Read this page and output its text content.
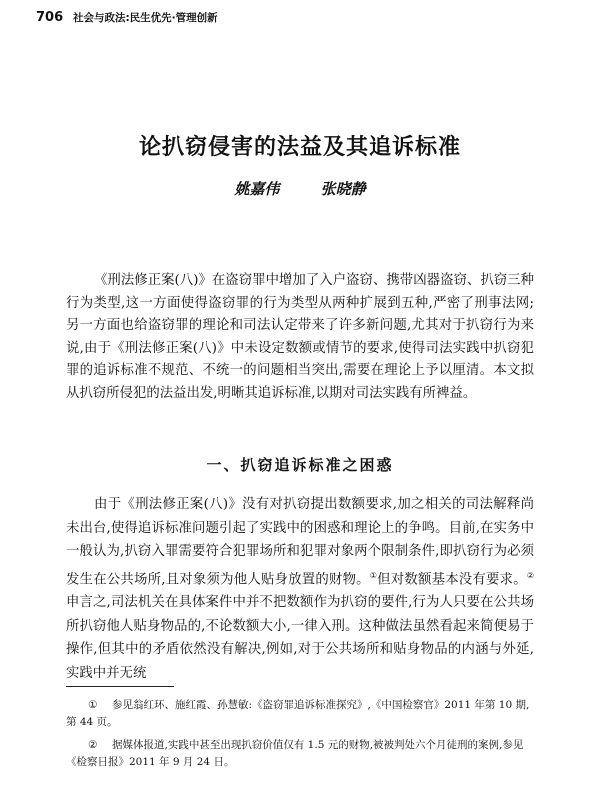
706 社会与政法:民生优先·管理创新
论扒窃侵害的法益及其追诉标准
姚嘉伟	张晓静
《刑法修正案(八)》在盗窃罪中增加了入户盗窃、携带凶器盗窃、扒窃三种行为类型,这一方面使得盗窃罪的行为类型从两种扩展到五种,严密了刑事法网;另一方面也给盗窃罪的理论和司法认定带来了许多新问题,尤其对于扒窃行为来说,由于《刑法修正案(八)》中未设定数额或情节的要求,使得司法实践中扒窃犯罪的追诉标准不规范、不统一的问题相当突出,需要在理论上予以厘清。本文拟从扒窃所侵犯的法益出发,明晰其追诉标准,以期对司法实践有所裨益。
一、扒窃追诉标准之困惑
由于《刑法修正案(八)》没有对扒窃提出数额要求,加之相关的司法解释尚未出台,使得追诉标准问题引起了实践中的困惑和理论上的争鸣。目前,在实务中一般认为,扒窃入罪需要符合犯罪场所和犯罪对象两个限制条件,即扒窃行为必须发生在公共场所,且对象须为他人贴身放置的财物。①但对数额基本没有要求。② 申言之,司法机关在具体案件中并不把数额作为扒窃的要件,行为人只要在公共场所扒窃他人贴身物品的,不论数额大小,一律入刑。这种做法虽然看起来简便易于操作,但其中的矛盾依然没有解决,例如,对于公共场所和贴身物品的内涵与外延,实践中并无统
① 参见翁红环、施红霞、孙慧敏:《盗窃罪追诉标准探究》,《中国检察官》2011 年第 10 期,第 44 页。
② 据媒体报道,实践中甚至出现扒窃价值仅有 1.5 元的财物,被被判处六个月徒刑的案例,参见《检察日报》2011 年 9 月 24 日。
